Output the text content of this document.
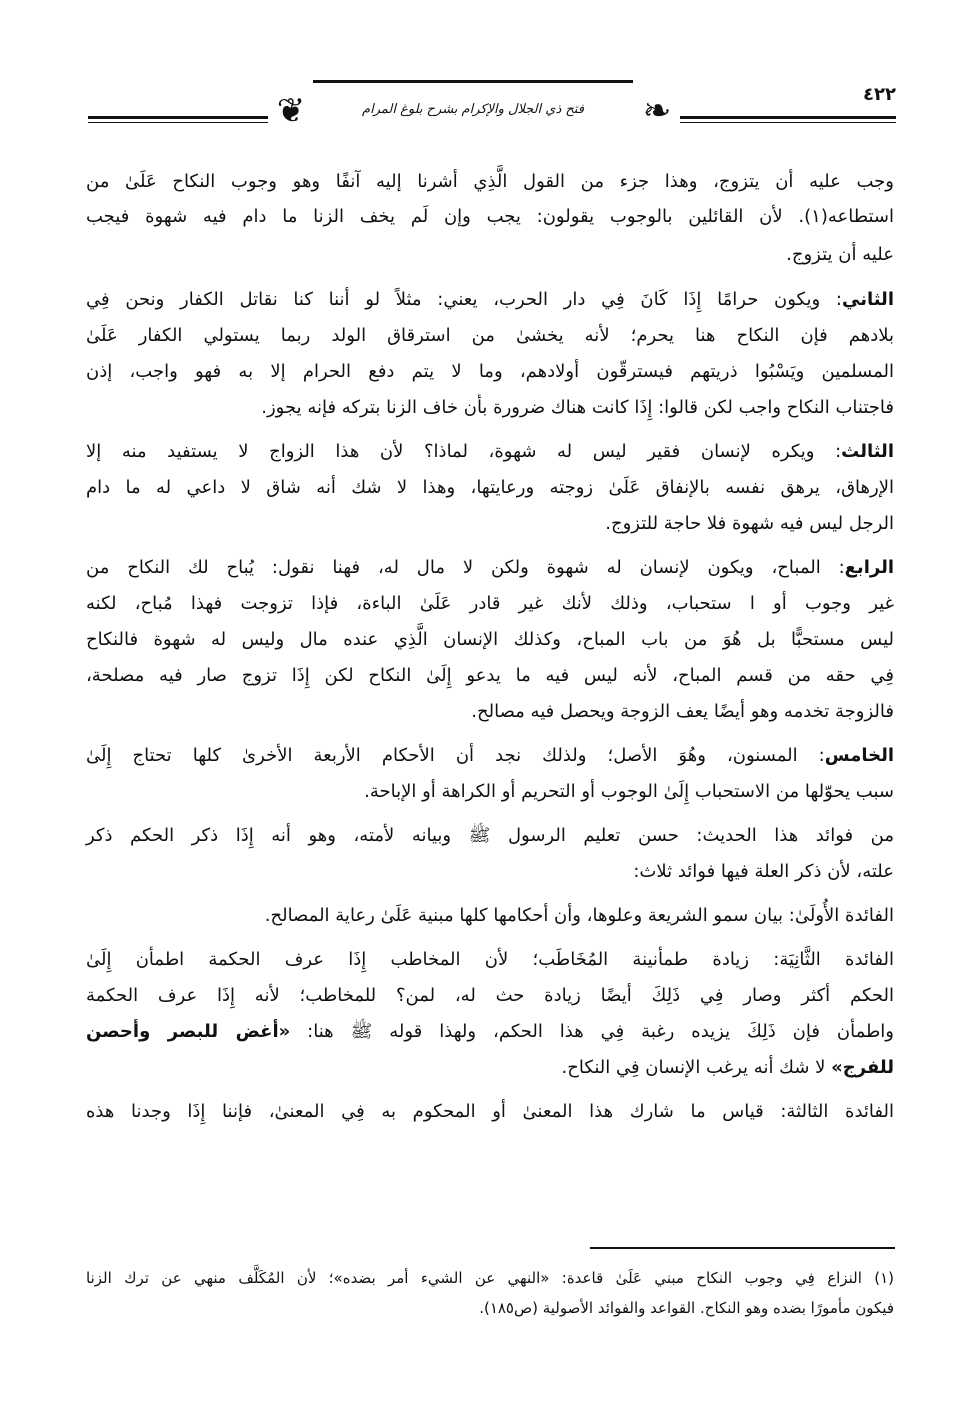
❦	فتح ذي الجلال والإكرام بشرح بلوغ المرام	❧	٤٢٢
وجب عليه أن يتزوج، وهذا جزء من القول الَّذِي أشرنا إليه آنفًا وهو وجوب النكاح عَلَىٰ من
استطاعه(١). لأن القائلين بالوجوب يقولون: يجب وإن لَم يخف الزنا ما دام فيه شهوة فيجب
عليه أن يتزوج.
الثاني: ويكون حرامًا إِذَا كَانَ فِي دار الحرب، يعني: مثلاً لو أننا كنا نقاتل الكفار ونحن فِي
بلادهم فإن النكاح هنا يحرم؛ لأنه يخشىٰ من استرقاق الولد ربما يستولي الكفار عَلَىٰ
المسلمين ويَسْبُوا ذريتهم فيسترقّون أولادهم، وما لا يتم دفع الحرام إلا به فهو واجب، إذن
فاجتناب النكاح واجب لكن قالوا: إِذَا كانت هناك ضرورة بأن خاف الزنا بتركه فإنه يجوز.
الثالث: ويكره لإنسان فقير ليس له شهوة، لماذا؟ لأن هذا الزواج لا يستفيد منه إلا
الإرهاق، يرهق نفسه بالإنفاق عَلَىٰ زوجته ورعايتها، وهذا لا شك أنه شاق لا داعي له ما دام
الرجل ليس فيه شهوة فلا حاجة للتزوج.
الرابع: المباح، ويكون لإنسان له شهوة ولكن لا مال له، فهنا نقول: يُباح لك النكاح من
غير وجوب أو ا ستحباب، وذلك لأنك غير قادر عَلَىٰ الباءة، فإذا تزوجت فهذا مُباح، لكنه
ليس مستحبًّا بل هُوَ من باب المباح، وكذلك الإنسان الَّذِي عنده مال وليس له شهوة فالنكاح
فِي حقه من قسم المباح، لأنه ليس فيه ما يدعو إِلَىٰ النكاح لكن إِذَا تزوج صار فيه مصلحة،
فالزوجة تخدمه وهو أيضًا يعف الزوجة ويحصل فيه مصالح.
الخامس: المسنون، وهُوَ الأصل؛ ولذلك نجد أن الأحكام الأربعة الأخرىٰ كلها تحتاج إِلَىٰ
سبب يحوّلها من الاستحباب إِلَىٰ الوجوب أو التحريم أو الكراهة أو الإباحة.
من فوائد هذا الحديث: حسن تعليم الرسول ﷺ وبيانه لأمته، وهو أنه إِذَا ذكر الحكم ذكر
علته، لأن ذكر العلة فيها فوائد ثلاث:
الفائدة الأُولَىٰ: بيان سمو الشريعة وعلوها، وأن أحكامها كلها مبنية عَلَىٰ رعاية المصالح.
الفائدة الثَّانِيَة: زيادة طمأنينة المُخَاطَب؛ لأن المخاطب إِذَا عرف الحكمة اطمأن إِلَىٰ
الحكم أكثر وصار فِي ذَلِكَ أيضًا زيادة حث له، لمن؟ للمخاطب؛ لأنه إِذَا عرف الحكمة
واطمأن فإن ذَلِكَ يزيده رغبة فِي هذا الحكم، ولهذا قوله ﷺ هنا: «أغض للبصر وأحصن
للفرج» لا شك أنه يرغب الإنسان فِي النكاح.
الفائدة الثالثة: قياس ما شارك هذا المعنىٰ أو المحكوم به فِي المعنىٰ، فإننا إِذَا وجدنا هذه
(١) النزاع فِي وجوب النكاح مبني عَلَىٰ قاعدة: «النهي عن الشيء أمر بضده»؛ لأن المُكَلَّف منهي عن ترك الزنا
فيكون مأمورًا بضده وهو النكاح. القواعد والفوائد الأصولية (ص١٨٥).
